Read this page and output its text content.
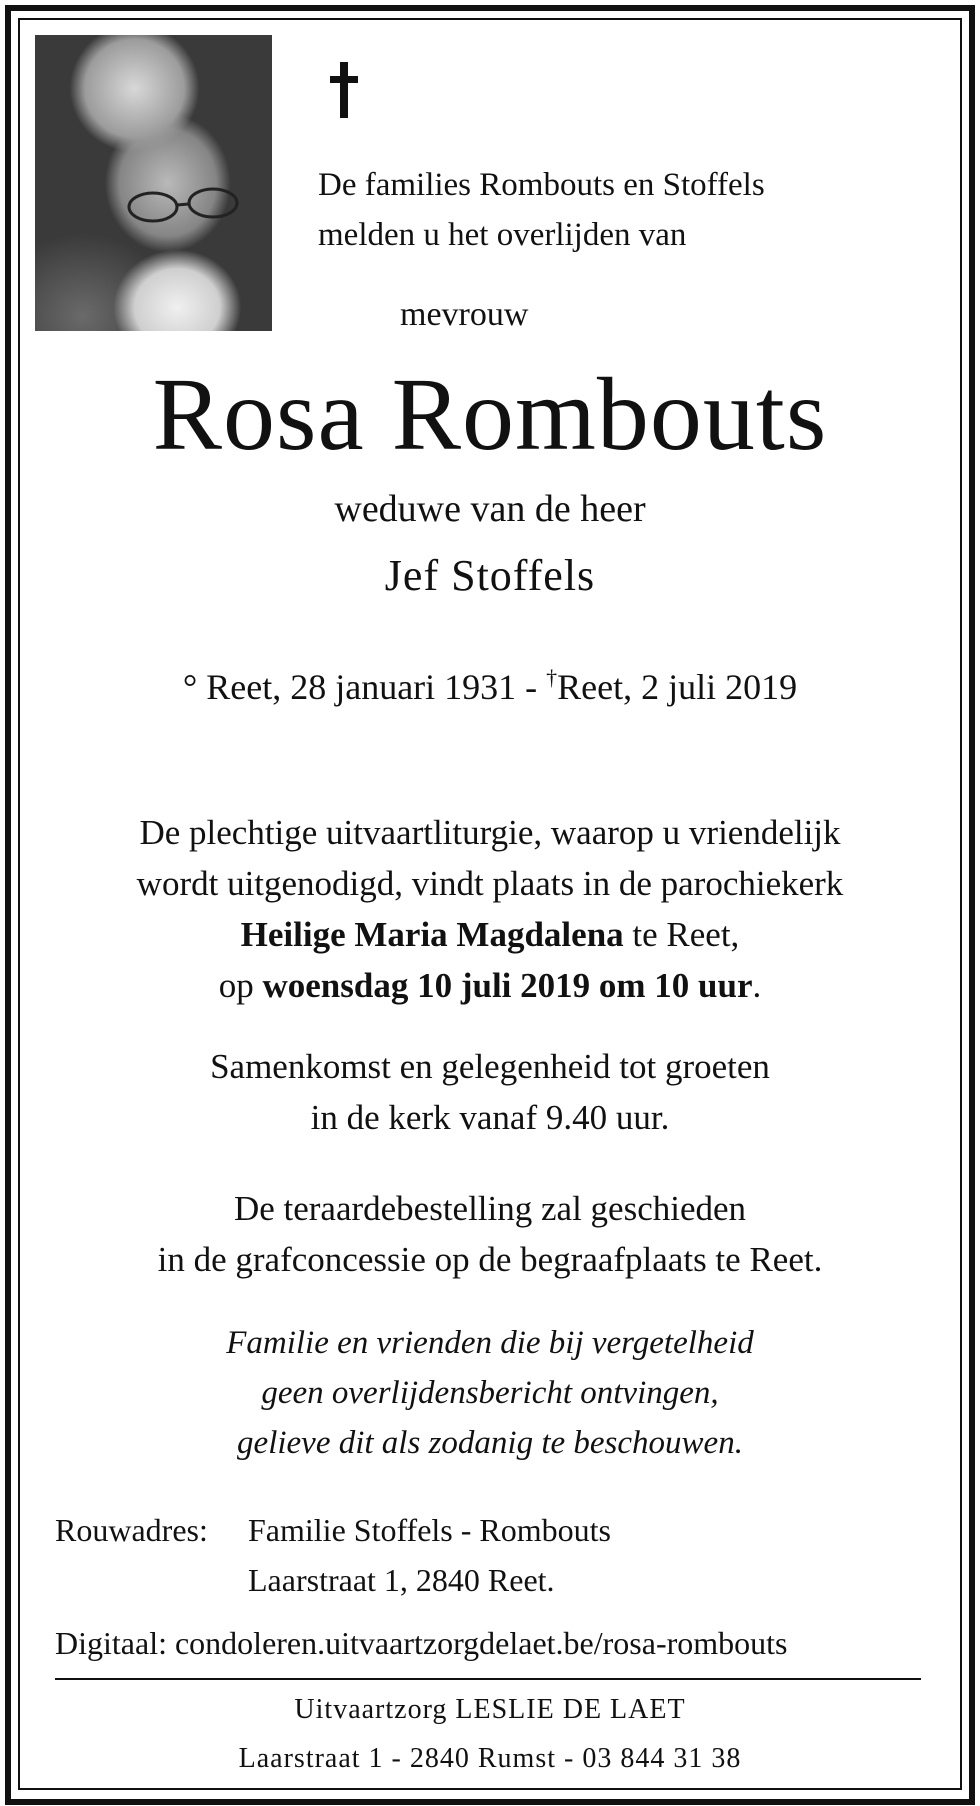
De families Rombouts en Stoffels
melden u het overlijden van
mevrouw
Rosa Rombouts
weduwe van de heer
Jef Stoffels
° Reet, 28 januari 1931 - †Reet, 2 juli 2019
De plechtige uitvaartliturgie, waarop u vriendelijk
wordt uitgenodigd, vindt plaats in de parochiekerk
Heilige Maria Magdalena te Reet,
op woensdag 10 juli 2019 om 10 uur.
Samenkomst en gelegenheid tot groeten
in de kerk vanaf 9.40 uur.
De teraardebestelling zal geschieden
in de grafconcessie op de begraafplaats te Reet.
Familie en vrienden die bij vergetelheid
geen overlijdensbericht ontvingen,
gelieve dit als zodanig te beschouwen.
Rouwadres: Familie Stoffels - Rombouts
Laarstraat 1, 2840 Reet.
Digitaal: condoleren.uitvaartzorgdelaet.be/rosa-rombouts
Uitvaartzorg LESLIE DE LAET
Laarstraat 1 - 2840 Rumst - 03 844 31 38
